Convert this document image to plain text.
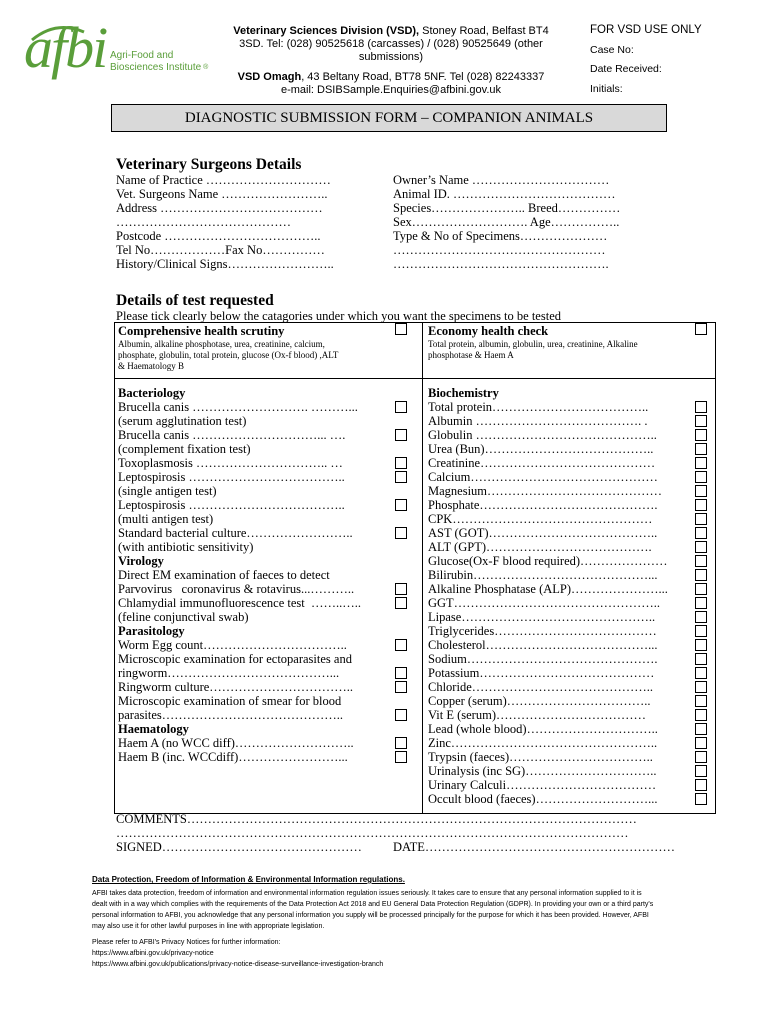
afbi Agri-Food and
Biosciences Institute ®
Veterinary Sciences Division (VSD), Stoney Road, Belfast BT4
3SD. Tel: (028) 90525618 (carcasses) / (028) 90525649 (other
submissions)
VSD Omagh, 43 Beltany Road, BT78 5NF. Tel (028) 82243337
e-mail: DSIBSample.Enquiries@afbini.gov.uk
FOR VSD USE ONLY
Case No:
Date Received:
Initials:
DIAGNOSTIC SUBMISSION FORM – COMPANION ANIMALS
Veterinary Surgeons Details
Name of Practice …………………………
Vet. Surgeons Name ……………………..
Address …………………………………
……………………………………
Postcode ………………………………..
Tel No………………Fax No……………
History/Clinical Signs……………………..
Owner’s Name ……………………………
Animal ID. …………………………………
Species………………….. Breed……………
Sex………………………. Age……………..
Type & No of Specimens…………………
……………………………………………
…………………………………………….
Details of test requested
Please tick clearly below the catagories under which you want the specimens to be tested
Comprehensive health scrutiny
Albumin, alkaline phosphotase, urea, creatinine, calcium,
phosphate, globulin, total protein, glucose (Ox-f blood) ,ALT
& Haematology B
Economy health check
Total protein, albumin, globulin, urea, creatinine, Alkaline
phosphotase & Haem A
Bacteriology
Brucella canis ………………………. ………...
(serum agglutination test)
Brucella canis …………………………... ….
(complement fixation test)
Toxoplasmosis ………………………….. …
Leptospirosis ………………………………..
(single antigen test)
Leptospirosis ………………………………..
(multi antigen test)
Standard bacterial culture……………………..
(with antibiotic sensitivity)
Virology
Direct EM examination of faeces to detect
Parvovirus   coronavirus & rotavirus...………..
Chlamydial immunofluorescence test  ……..…..
(feline conjunctival swab)
Parasitology
Worm Egg count……………………………..
Microscopic examination for ectoparasites and
ringworm…………………………………...
Ringworm culture……………………………..
Microscopic examination of smear for blood
parasites……………………………………..
Haematology
Haem A (no WCC diff)………………………..
Haem B (inc. WCCdiff)……………………...
Biochemistry
Total protein………………………………..
Albumin …………………………………. .
Globulin ……………………………………..
Urea (Bun)…………………………………..
Creatinine……………………………………
Calcium………………………………………
Magnesium……………………………………
Phosphate…………………………………….
CPK…………………………………………
AST (GOT)…………………………………..
ALT (GPT)………………………………….
Glucose(Ox-F blood required)…………………
Bilirubin……………………………………...
Alkaline Phosphatase (ALP)…………………...
GGT…………………………………………..
Lipase………………………………………..
Triglycerides…………………………………
Cholesterol…………………………………...
Sodium……………………………………….
Potassium……………………………………
Chloride……………………………………..
Copper (serum)……………………………..
Vit E (serum)………………………………
Lead (whole blood)…………………………..
Zinc…………………………………………..
Trypsin (faeces)……………………………..
Urinalysis (inc SG)…………………………..
Urinary Calculi………………………………
Occult blood (faeces)………………………...
COMMENTS………………………………………………………………………………………………
……………………………………………………………………………………………………………
SIGNED………………………………………… DATE……………………………………………………
Data Protection, Freedom of Information & Environmental Information regulations.
AFBI takes data protection, freedom of information and environmental information regulation issues seriously. It takes care to ensure that any personal information supplied to it is
dealt with in a way which complies with the requirements of the Data Protection Act 2018 and EU General Data Protection Regulation (GDPR). In providing your own or a third party's
personal information to AFBI, you acknowledge that any personal information you supply will be processed principally for the purpose for which it has been provided. However, AFBI
may also use it for other lawful purposes in line with appropriate legislation.
Please refer to AFBI's Privacy Notices for further information:
https://www.afbini.gov.uk/privacy-notice
https://www.afbini.gov.uk/publications/privacy-notice-disease-surveillance-investigation-branch
